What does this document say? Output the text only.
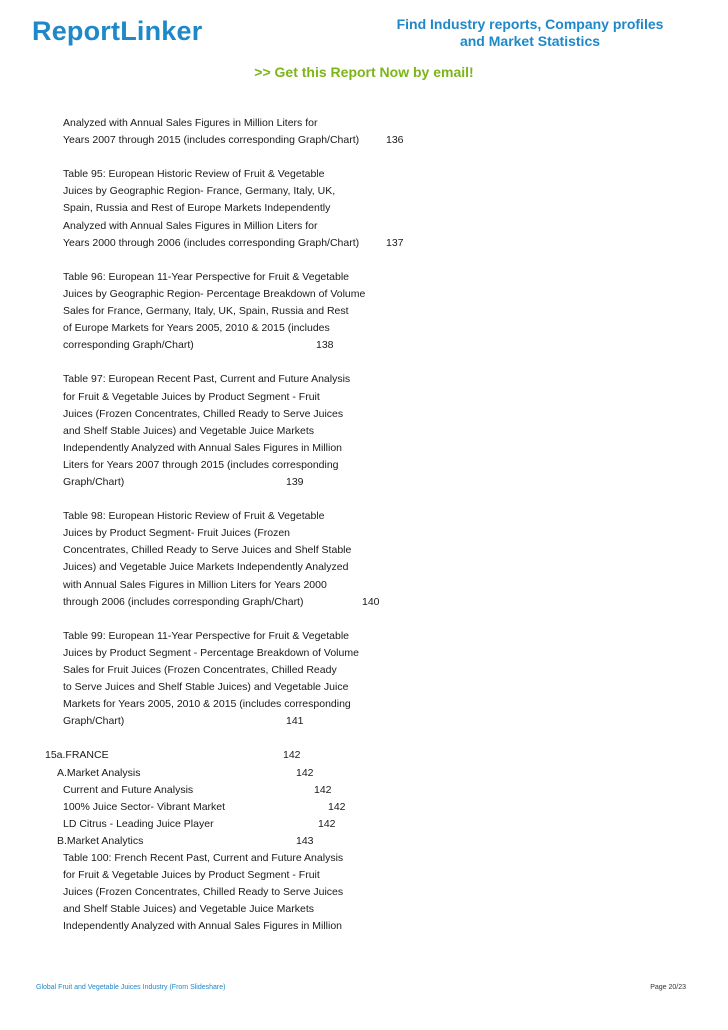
ReportLinker	Find Industry reports, Company profiles
and Market Statistics
>> Get this Report Now by email!
Analyzed with Annual Sales Figures in Million Liters for
Years 2007 through 2015 (includes corresponding Graph/Chart)	136
Table 95: European Historic Review of Fruit & Vegetable
Juices by Geographic Region- France, Germany, Italy, UK,
Spain, Russia and Rest of Europe Markets Independently
Analyzed with Annual Sales Figures in Million Liters for
Years 2000 through 2006 (includes corresponding Graph/Chart)	137
Table 96: European 11-Year Perspective for Fruit & Vegetable
Juices by Geographic Region- Percentage Breakdown of Volume
Sales for France, Germany, Italy, UK, Spain, Russia and Rest
of Europe Markets for Years 2005, 2010 & 2015 (includes
corresponding Graph/Chart)	138
Table 97: European Recent Past, Current and Future Analysis
for Fruit & Vegetable Juices by Product Segment - Fruit
Juices (Frozen Concentrates, Chilled Ready to Serve Juices
and Shelf Stable Juices) and Vegetable Juice Markets
Independently Analyzed with Annual Sales Figures in Million
Liters for Years 2007 through 2015 (includes corresponding
Graph/Chart)	139
Table 98: European Historic Review of Fruit & Vegetable
Juices by Product Segment- Fruit Juices (Frozen
Concentrates, Chilled Ready to Serve Juices and Shelf Stable
Juices) and Vegetable Juice Markets Independently Analyzed
with Annual Sales Figures in Million Liters for Years 2000
through 2006 (includes corresponding Graph/Chart)	140
Table 99: European 11-Year Perspective for Fruit & Vegetable
Juices by Product Segment - Percentage Breakdown of Volume
Sales for Fruit Juices (Frozen Concentrates, Chilled Ready
to Serve Juices and Shelf Stable Juices) and Vegetable Juice
Markets for Years 2005, 2010 & 2015 (includes corresponding
Graph/Chart)	141
15a.FRANCE	142
A.Market Analysis	142
Current and Future Analysis	142
100% Juice Sector- Vibrant Market	142
LD Citrus - Leading Juice Player	142
B.Market Analytics	143
Table 100: French Recent Past, Current and Future Analysis
for Fruit & Vegetable Juices by Product Segment - Fruit
Juices (Frozen Concentrates, Chilled Ready to Serve Juices
and Shelf Stable Juices) and Vegetable Juice Markets
Independently Analyzed with Annual Sales Figures in Million
Global Fruit and Vegetable Juices Industry (From Slideshare)	Page 20/23
